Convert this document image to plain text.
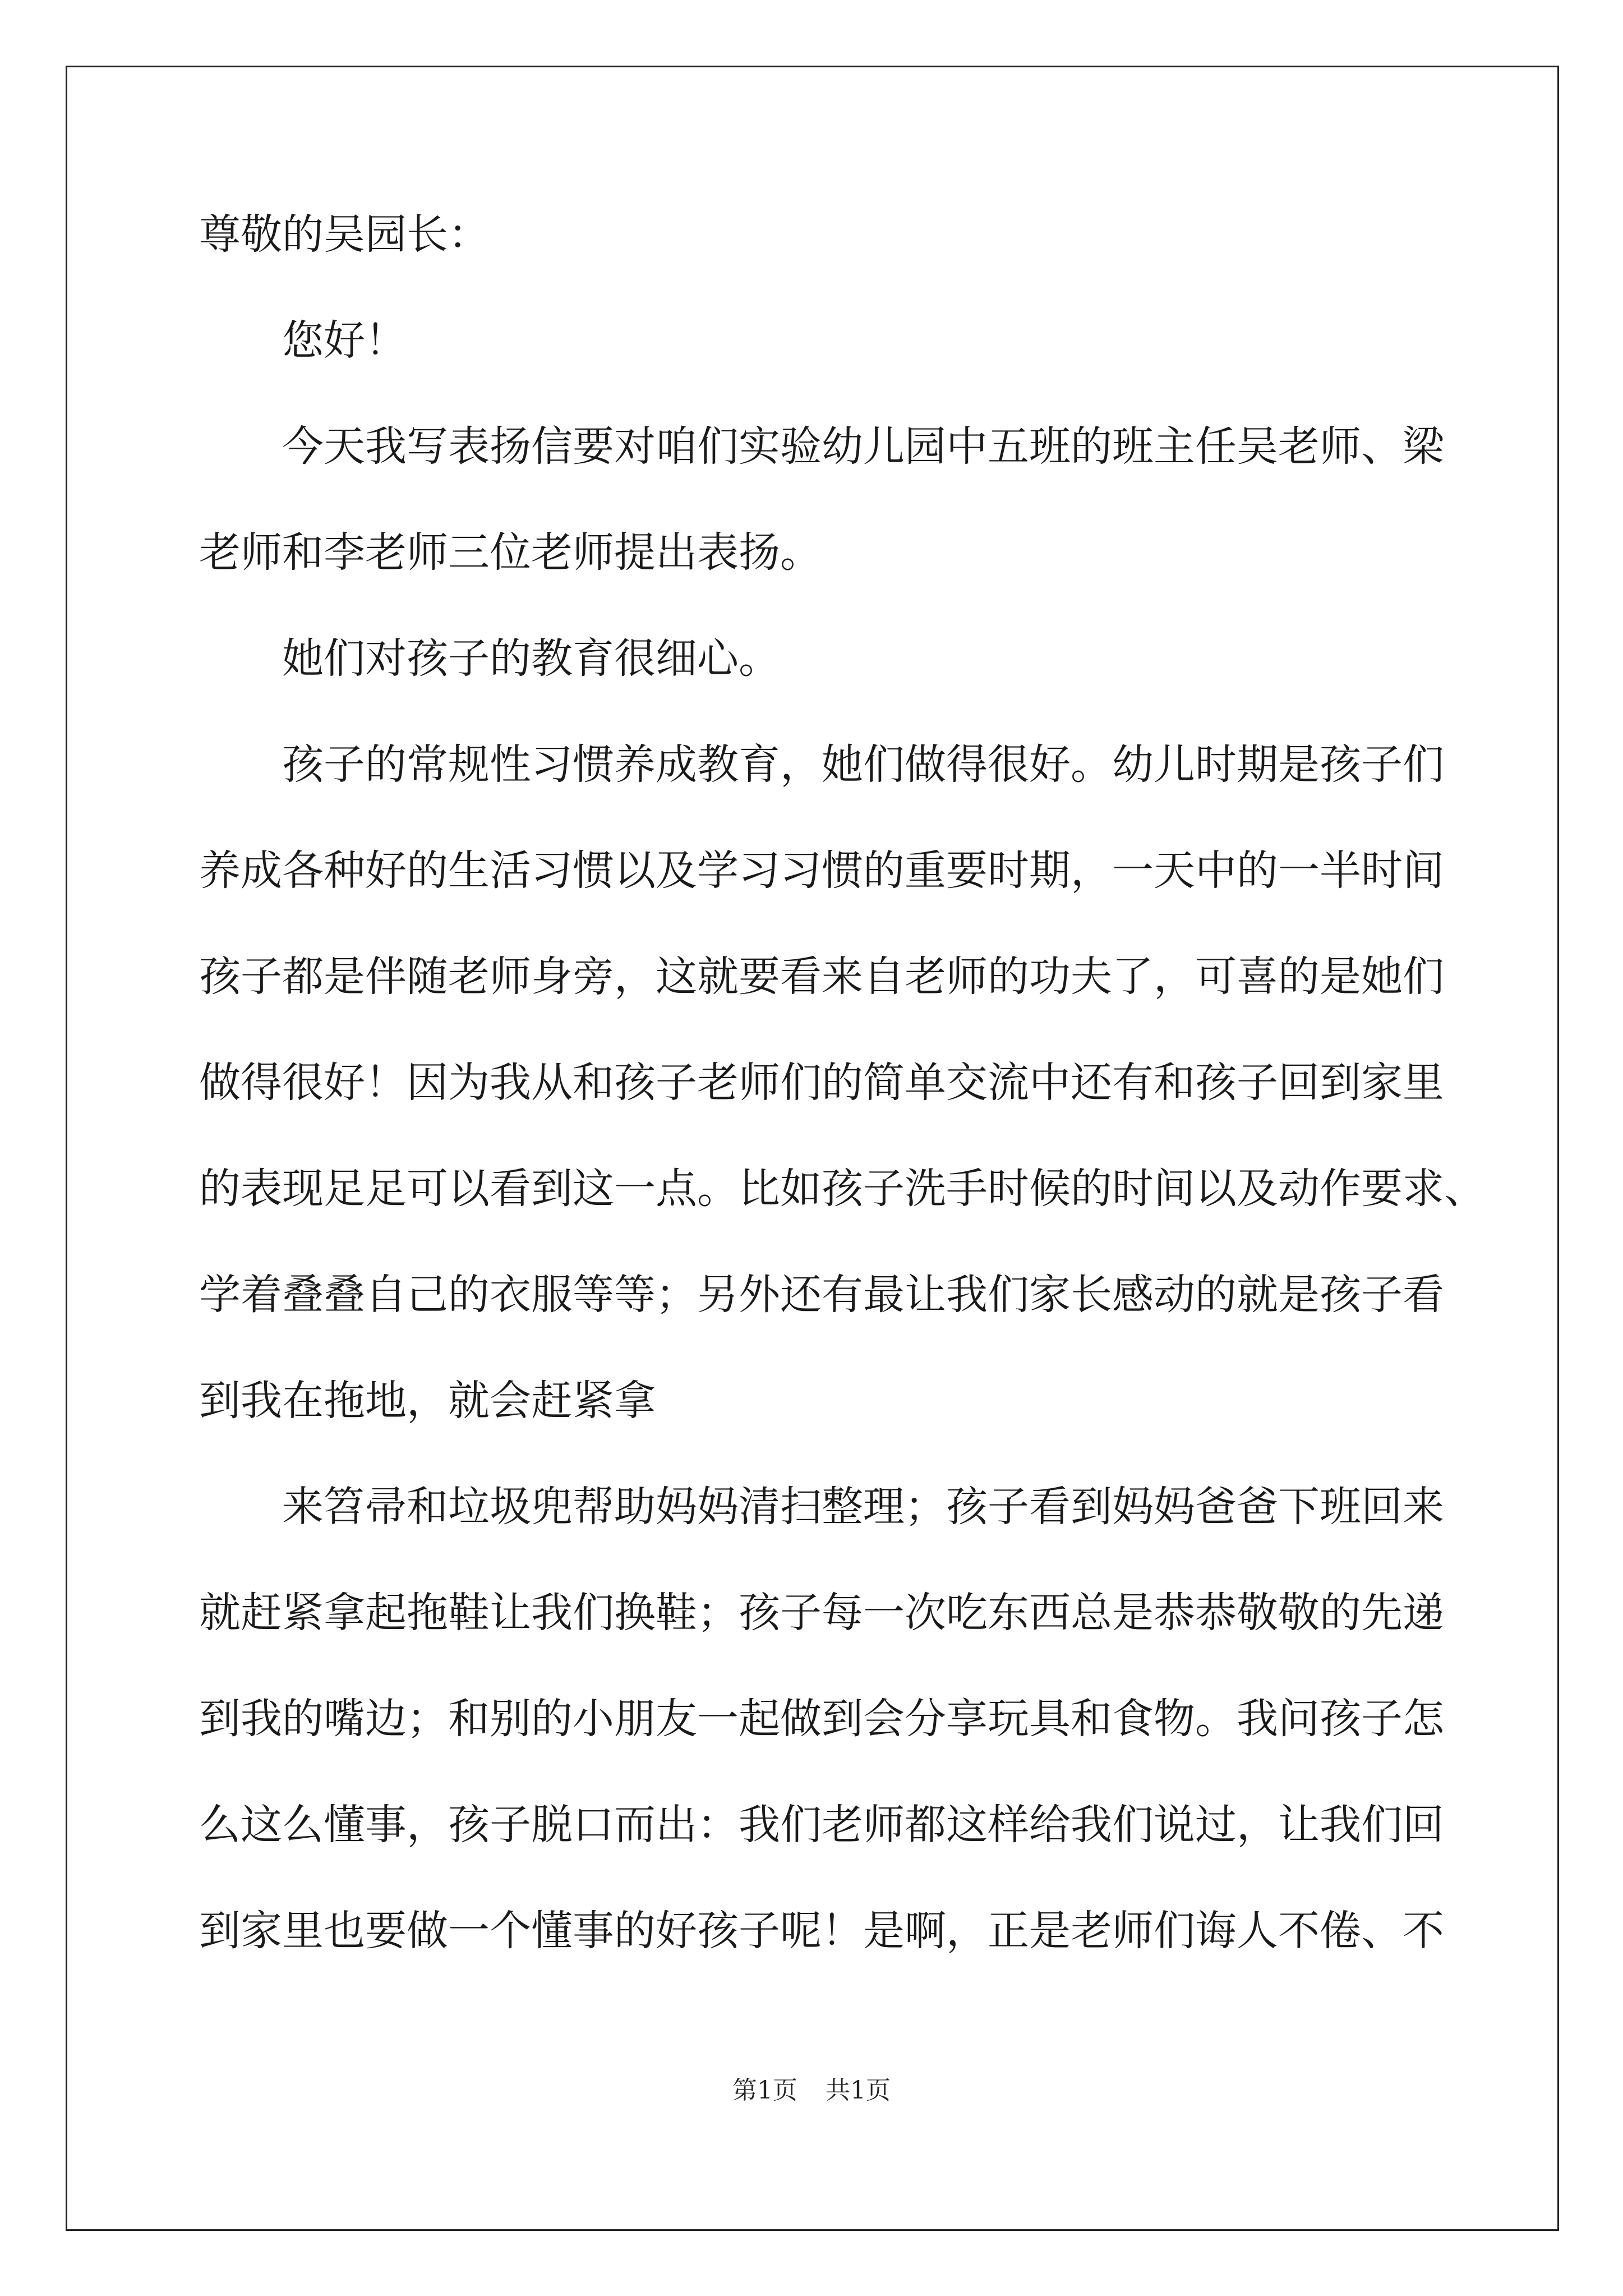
尊敬的吴园长：
　　您好！
　　今天我写表扬信要对咱们实验幼儿园中五班的班主任吴老师、梁
老师和李老师三位老师提出表扬。
　　她们对孩子的教育很细心。
　　孩子的常规性习惯养成教育，她们做得很好。幼儿时期是孩子们
养成各种好的生活习惯以及学习习惯的重要时期，一天中的一半时间
孩子都是伴随老师身旁，这就要看来自老师的功夫了，可喜的是她们
做得很好！因为我从和孩子老师们的简单交流中还有和孩子回到家里
的表现足足可以看到这一点。比如孩子洗手时候的时间以及动作要求、
学着叠叠自己的衣服等等；另外还有最让我们家长感动的就是孩子看
到我在拖地，就会赶紧拿
　　来笤帚和垃圾兜帮助妈妈清扫整理；孩子看到妈妈爸爸下班回来
就赶紧拿起拖鞋让我们换鞋；孩子每一次吃东西总是恭恭敬敬的先递
到我的嘴边；和别的小朋友一起做到会分享玩具和食物。我问孩子怎
么这么懂事，孩子脱口而出：我们老师都这样给我们说过，让我们回
到家里也要做一个懂事的好孩子呢！是啊，正是老师们诲人不倦、不
第1页 共1页
